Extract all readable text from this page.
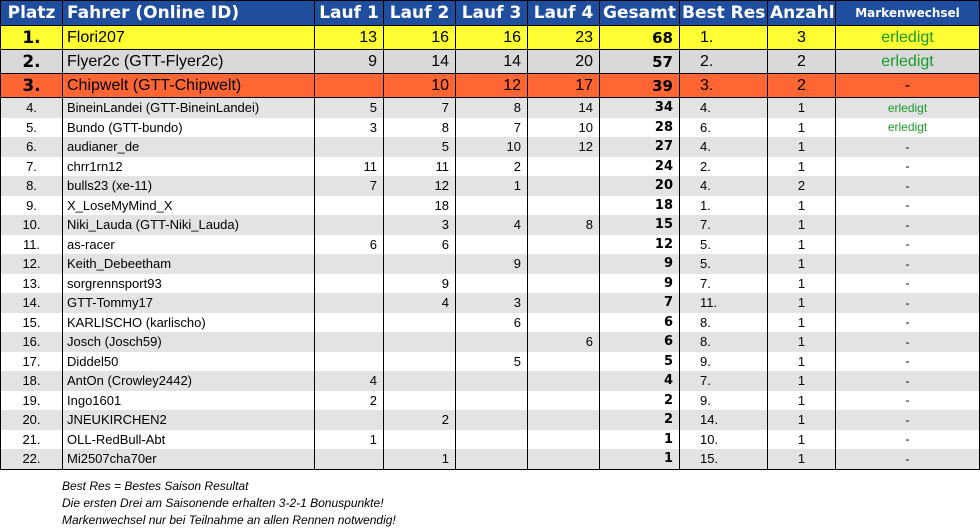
Platz	Fahrer (Online ID)	Lauf 1	Lauf 2	Lauf 3	Lauf 4	Gesamt	Best Res	Anzahl	Markenwechsel
1.	Flori207	13	16	16	23	68	1.	3	erledigt
2.	Flyer2c (GTT-Flyer2c)	9	14	14	20	57	2.	2	erledigt
3.	Chipwelt (GTT-Chipwelt)		10	12	17	39	3.	2	-
4.	BineinLandei (GTT-BineinLandei)	5	7	8	14	34	4.	1	erledigt
5.	Bundo (GTT-bundo)	3	8	7	10	28	6.	1	erledigt
6.	audianer_de		5	10	12	27	4.	1	-
7.	chrr1rn12	11	11	2		24	2.	1	-
8.	bulls23 (xe-11)	7	12	1		20	4.	2	-
9.	X_LoseMyMind_X		18			18	1.	1	-
10.	Niki_Lauda (GTT-Niki_Lauda)		3	4	8	15	7.	1	-
11.	as-racer	6	6			12	5.	1	-
12.	Keith_Debeetham			9		9	5.	1	-
13.	sorgrennsport93		9			9	7.	1	-
14.	GTT-Tommy17		4	3		7	11.	1	-
15.	KARLISCHO (karlischo)			6		6	8.	1	-
16.	Josch (Josch59)				6	6	8.	1	-
17.	Diddel50			5		5	9.	1	-
18.	AntOn (Crowley2442)	4				4	7.	1	-
19.	Ingo1601	2				2	9.	1	-
20.	JNEUKIRCHEN2		2			2	14.	1	-
21.	OLL-RedBull-Abt	1				1	10.	1	-
22.	Mi2507cha70er		1			1	15.	1	-
Best Res = Bestes Saison Resultat
Die ersten Drei am Saisonende erhalten 3-2-1 Bonuspunkte!
Markenwechsel nur bei Teilnahme an allen Rennen notwendig!
